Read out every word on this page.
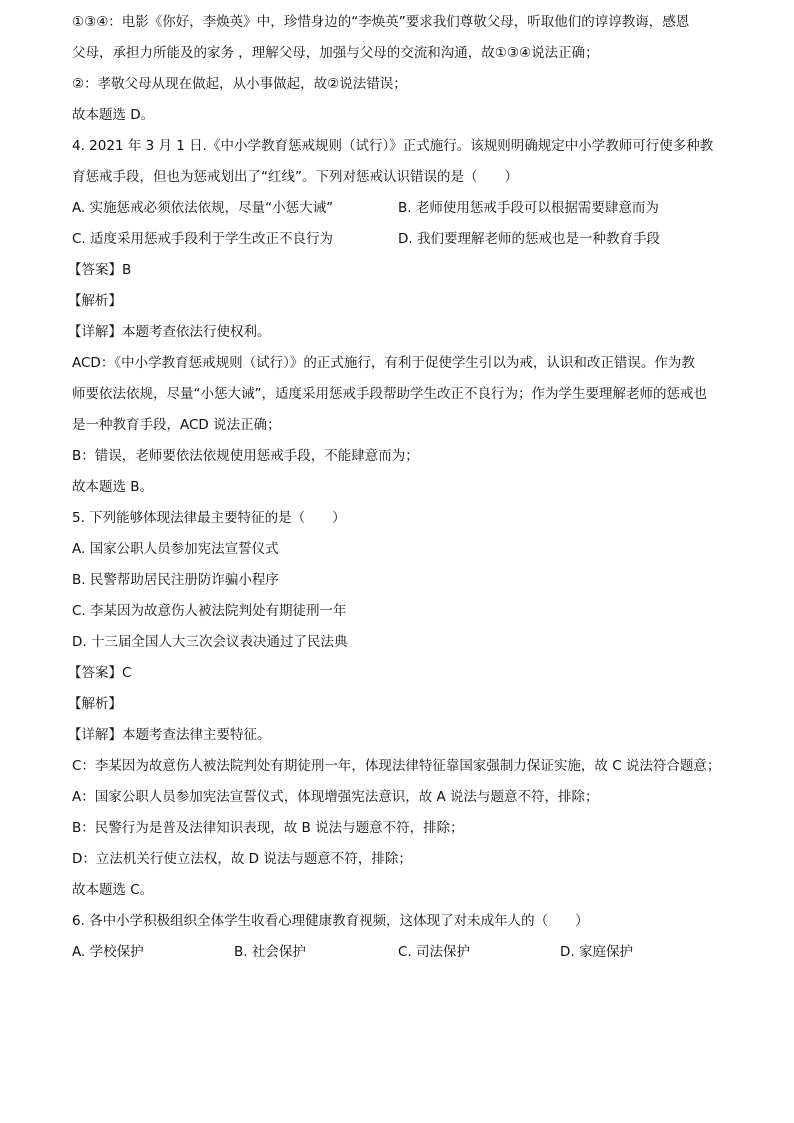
①③④：电影《你好，李焕英》中，珍惜身边的“李焕英”要求我们尊敬父母，听取他们的谆谆教诲，感恩
父母，承担力所能及的家务 ，理解父母，加强与父母的交流和沟通，故①③④说法正确；
②：孝敬父母从现在做起，从小事做起，故②说法错误；
故本题选 D。
4. 2021 年 3 月 1 日.《中小学教育惩戒规则（试行）》正式施行。该规则明确规定中小学教师可行使多种教
育惩戒手段，但也为惩戒划出了“红线”。下列对惩戒认识错误的是（　　）
A. 实施惩戒必须依法依规，尽量“小惩大诫”	B. 老师使用惩戒手段可以根据需要肆意而为
C. 适度采用惩戒手段利于学生改正不良行为	D. 我们要理解老师的惩戒也是一种教育手段
【答案】B
【解析】
【详解】本题考查依法行使权利。
ACD：《中小学教育惩戒规则（试行）》的正式施行，有利于促使学生引以为戒，认识和改正错误。作为教
师要依法依规，尽量“小惩大诫”，适度采用惩戒手段帮助学生改正不良行为；作为学生要理解老师的惩戒也
是一种教育手段，ACD 说法正确；
B：错误，老师要依法依规使用惩戒手段，不能肆意而为；
故本题选 B。
5. 下列能够体现法律最主要特征的是（　　）
A. 国家公职人员参加宪法宣誓仪式
B. 民警帮助居民注册防诈骗小程序
C. 李某因为故意伤人被法院判处有期徒刑一年
D. 十三届全国人大三次会议表决通过了民法典
【答案】C
【解析】
【详解】本题考查法律主要特征。
C：李某因为故意伤人被法院判处有期徒刑一年，体现法律特征靠国家强制力保证实施，故 C 说法符合题意；
A：国家公职人员参加宪法宣誓仪式，体现增强宪法意识，故 A 说法与题意不符，排除；
B：民警行为是普及法律知识表现，故 B 说法与题意不符，排除；
D：立法机关行使立法权，故 D 说法与题意不符，排除；
故本题选 C。
6. 各中小学积极组织全体学生收看心理健康教育视频，这体现了对未成年人的（　　）
A. 学校保护	B. 社会保护	C. 司法保护	D. 家庭保护
